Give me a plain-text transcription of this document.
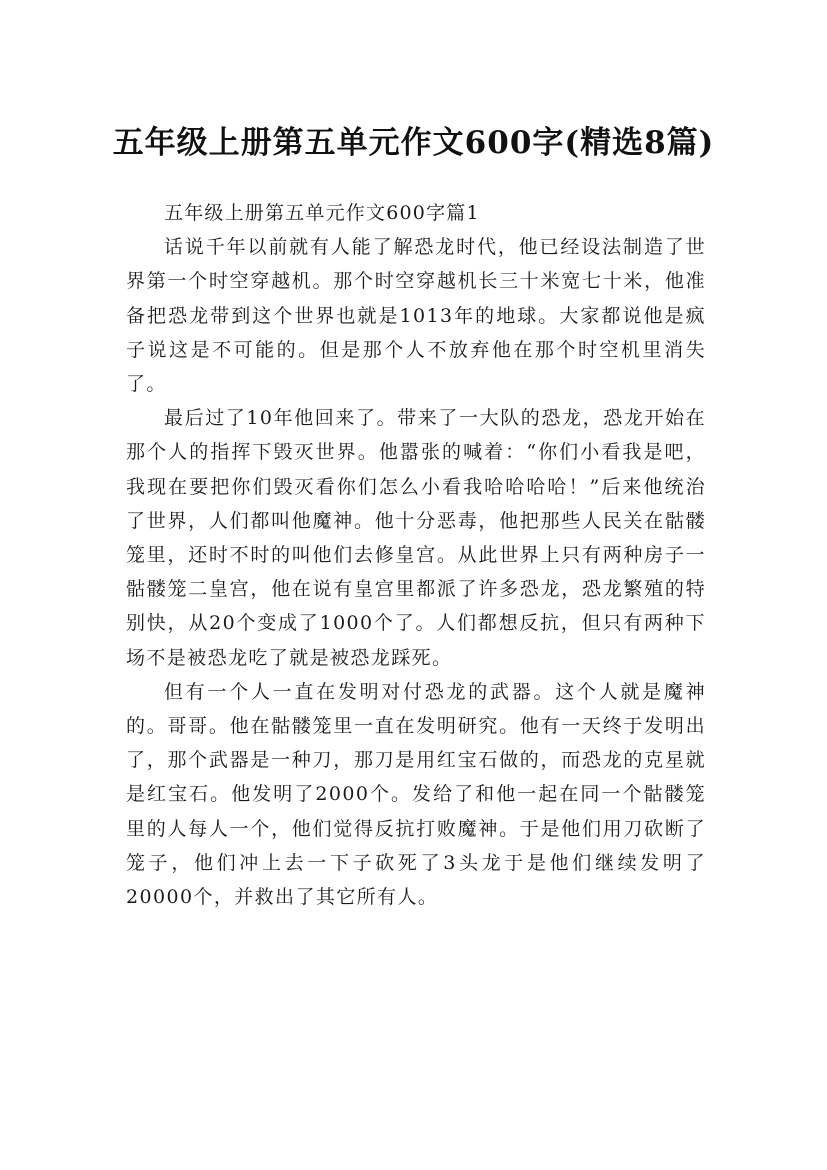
五年级上册第五单元作文600字(精选8篇)

五年级上册第五单元作文600字篇1

话说千年以前就有人能了解恐龙时代，他已经设法制造了世界第一个时空穿越机。那个时空穿越机长三十米宽七十米，他准备把恐龙带到这个世界也就是1013年的地球。大家都说他是疯子说这是不可能的。但是那个人不放弃他在那个时空机里消失了。

最后过了10年他回来了。带来了一大队的恐龙，恐龙开始在那个人的指挥下毁灭世界。他嚣张的喊着：“你们小看我是吧，我现在要把你们毁灭看你们怎么小看我哈哈哈哈！”后来他统治了世界，人们都叫他魔神。他十分恶毒，他把那些人民关在骷髅笼里，还时不时的叫他们去修皇宫。从此世界上只有两种房子一骷髅笼二皇宫，他在说有皇宫里都派了许多恐龙，恐龙繁殖的特别快，从20个变成了1000个了。人们都想反抗，但只有两种下场不是被恐龙吃了就是被恐龙踩死。

但有一个人一直在发明对付恐龙的武器。这个人就是魔神的。哥哥。他在骷髅笼里一直在发明研究。他有一天终于发明出了，那个武器是一种刀，那刀是用红宝石做的，而恐龙的克星就是红宝石。他发明了2000个。发给了和他一起在同一个骷髅笼里的人每人一个，他们觉得反抗打败魔神。于是他们用刀砍断了笼子，他们冲上去一下子砍死了3头龙于是他们继续发明了20000个，并救出了其它所有人。
